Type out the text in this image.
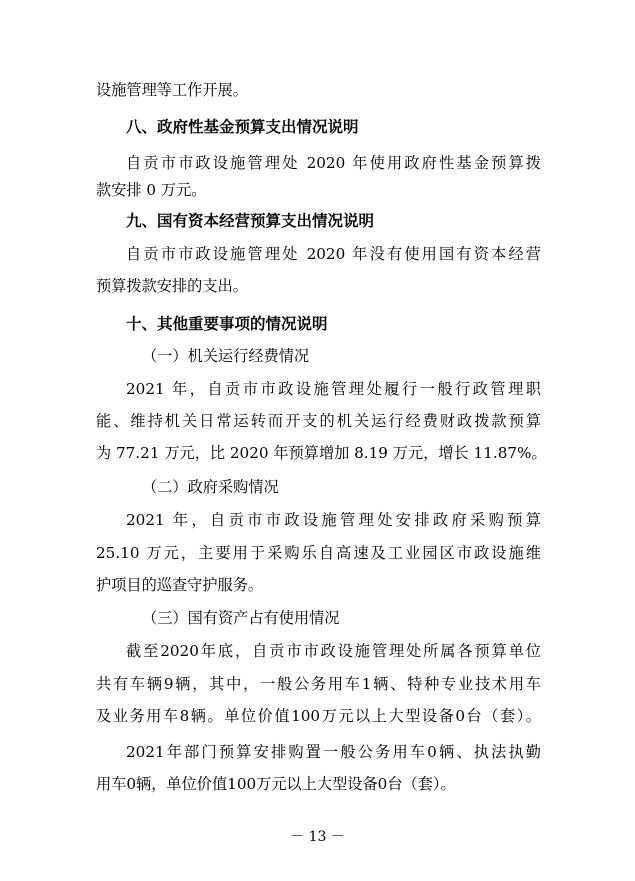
设施管理等工作开展。
八、政府性基金预算支出情况说明
自贡市市政设施管理处 2020 年使用政府性基金预算拨
款安排 0 万元。
九、国有资本经营预算支出情况说明
自贡市市政设施管理处 2020 年没有使用国有资本经营
预算拨款安排的支出。
十、其他重要事项的情况说明
（一）机关运行经费情况
2021 年，自贡市市政设施管理处履行一般行政管理职
能、维持机关日常运转而开支的机关运行经费财政拨款预算
为 77.21 万元，比 2020 年预算增加 8.19 万元，增长 11.87%。
（二）政府采购情况
2021 年，自贡市市政设施管理处安排政府采购预算
25.10 万元，主要用于采购乐自高速及工业园区市政设施维
护项目的巡查守护服务。
（三）国有资产占有使用情况
截至2020年底，自贡市市政设施管理处所属各预算单位
共有车辆9辆，其中，一般公务用车1辆、特种专业技术用车
及业务用车8辆。单位价值100万元以上大型设备0台（套）。
2021年部门预算安排购置一般公务用车0辆、执法执勤
用车0辆，单位价值100万元以上大型设备0台（套）。
－ 13 －
